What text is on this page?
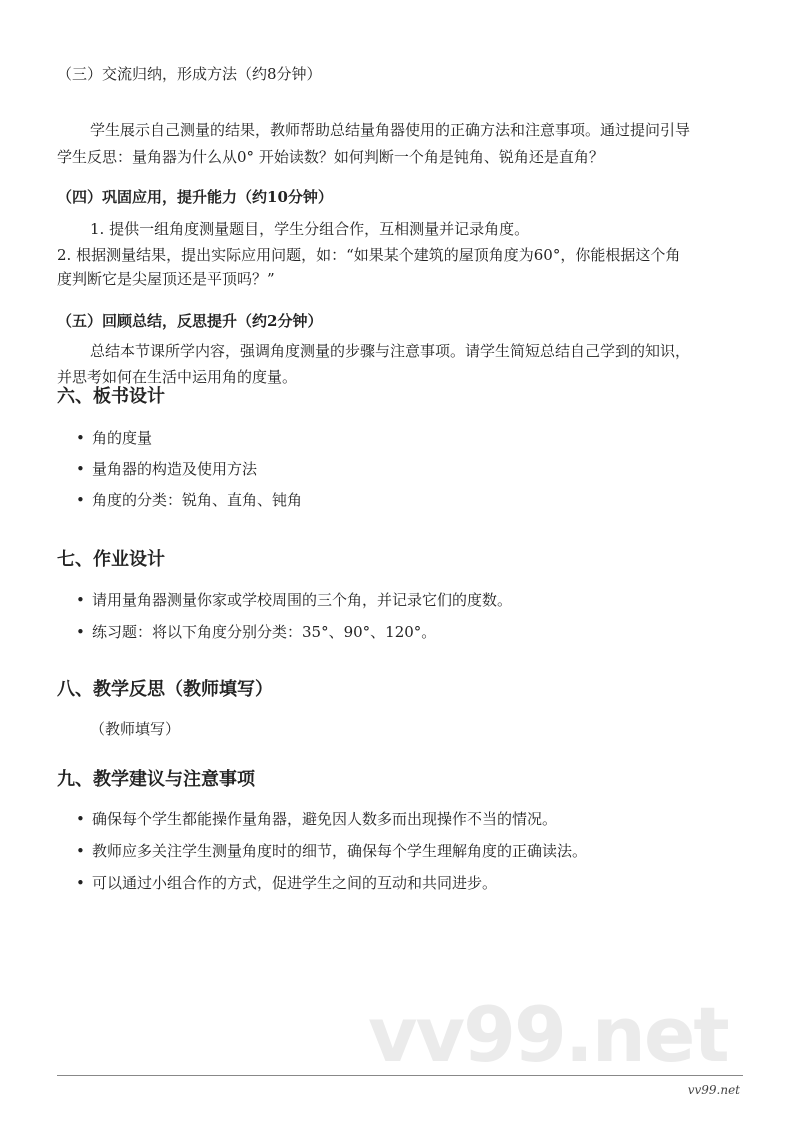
（三）交流归纳，形成方法（约8分钟）
学生展示自己测量的结果，教师帮助总结量角器使用的正确方法和注意事项。通过提问引导
学生反思：量角器为什么从0° 开始读数？如何判断一个角是钝角、锐角还是直角？
（四）巩固应用，提升能力（约10分钟）
1. 提供一组角度测量题目，学生分组合作，互相测量并记录角度。
2. 根据测量结果，提出实际应用问题，如：“如果某个建筑的屋顶角度为60°，你能根据这个角
度判断它是尖屋顶还是平顶吗？”
（五）回顾总结，反思提升（约2分钟）
总结本节课所学内容，强调角度测量的步骤与注意事项。请学生简短总结自己学到的知识，
并思考如何在生活中运用角的度量。
六、板书设计
• 角的度量
• 量角器的构造及使用方法
• 角度的分类：锐角、直角、钝角
七、作业设计
• 请用量角器测量你家或学校周围的三个角，并记录它们的度数。
• 练习题：将以下角度分别分类：35°、90°、120°。
八、教学反思（教师填写）
（教师填写）
九、教学建议与注意事项
• 确保每个学生都能操作量角器，避免因人数多而出现操作不当的情况。
• 教师应多关注学生测量角度时的细节，确保每个学生理解角度的正确读法。
• 可以通过小组合作的方式，促进学生之间的互动和共同进步。
vv99.net
vv99.net
